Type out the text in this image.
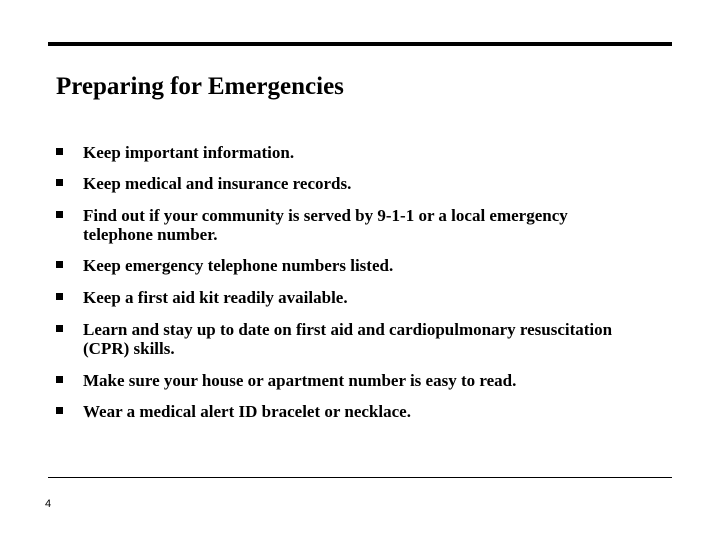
Preparing for Emergencies
Keep important information.
Keep medical and insurance records.
Find out if your community is served by 9-1-1 or a local emergency telephone number.
Keep emergency telephone numbers listed.
Keep a first aid kit readily available.
Learn and stay up to date on first aid and cardiopulmonary resuscitation (CPR) skills.
Make sure your house or apartment number is easy to read.
Wear a medical alert ID bracelet or necklace.
4
